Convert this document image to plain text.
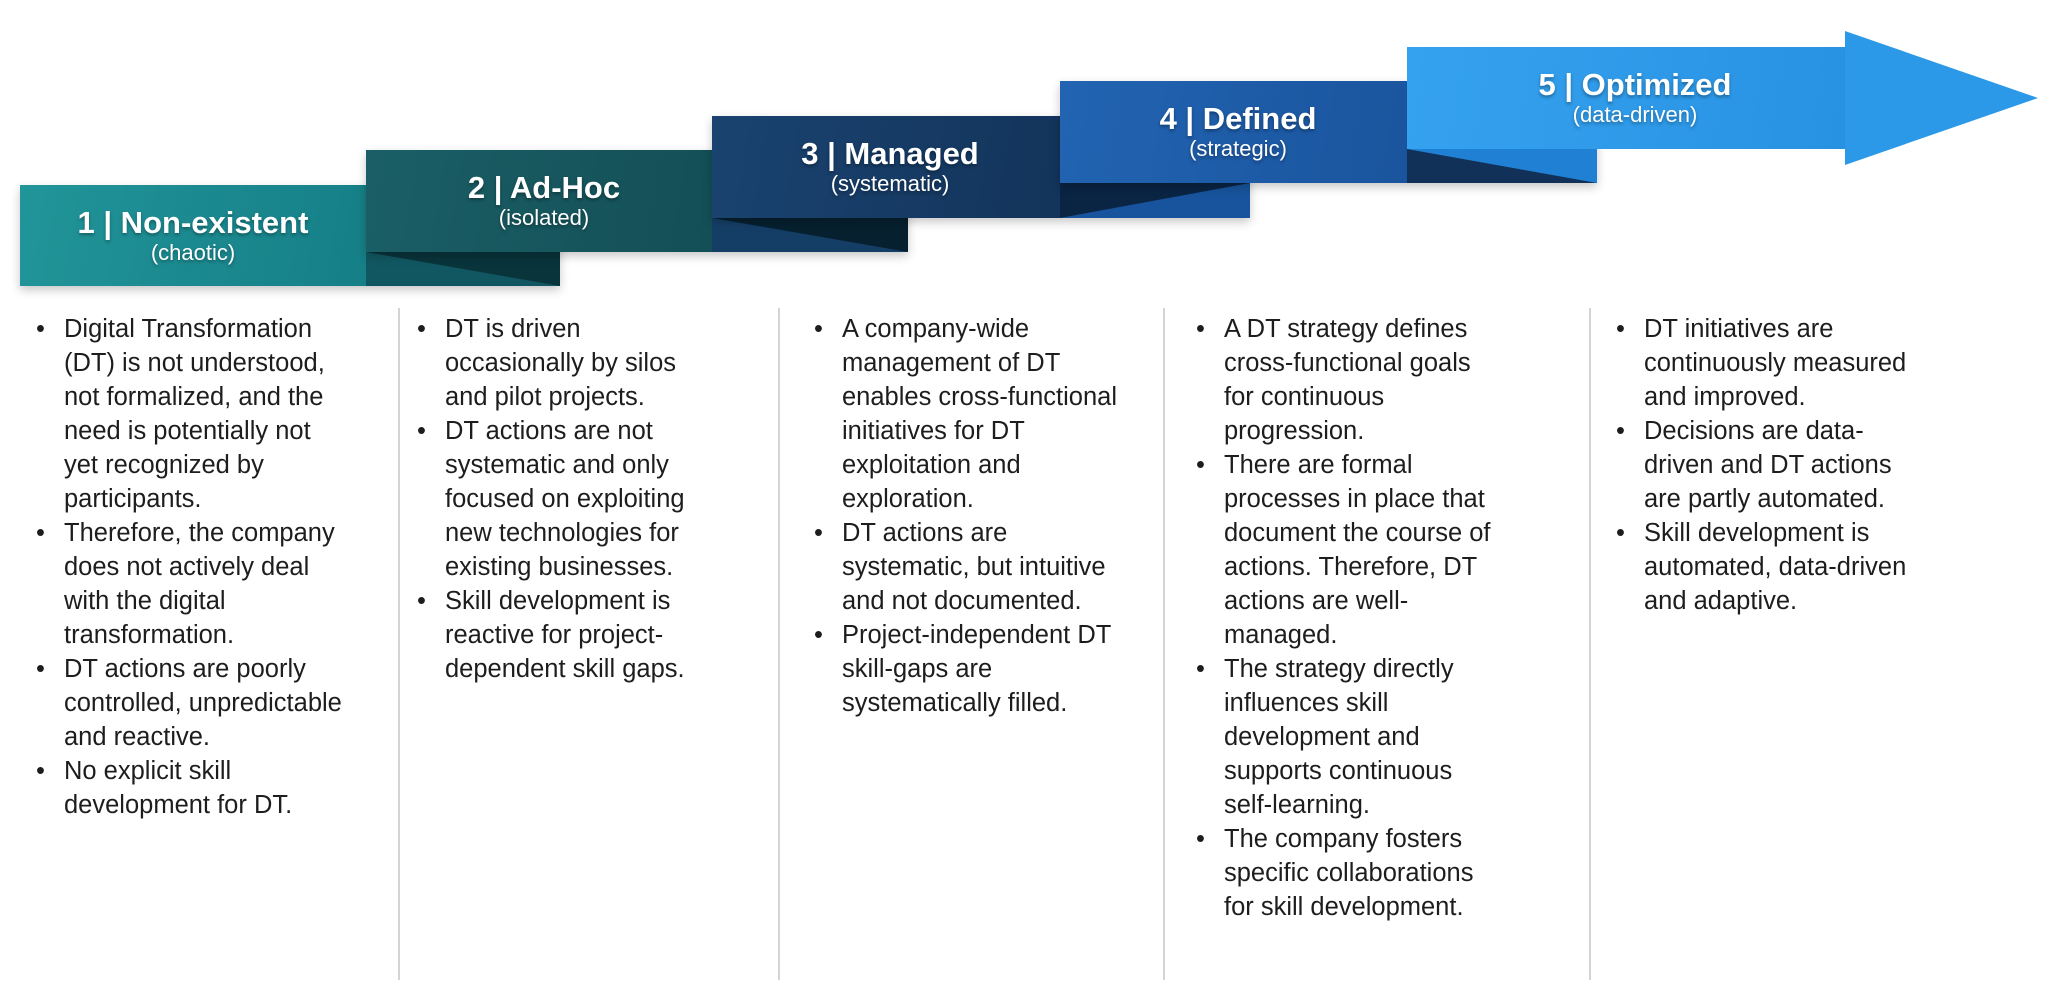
1 | Non-existent
(chaotic)
2 | Ad-Hoc
(isolated)
3 | Managed
(systematic)
4 | Defined
(strategic)
5 | Optimized
(data-driven)
• Digital Transformation (DT) is not understood, not formalized, and the need is potentially not yet recognized by participants.
• Therefore, the company does not actively deal with the digital transformation.
• DT actions are poorly controlled, unpredictable and reactive.
• No explicit skill development for DT.
• DT is driven occasionally by silos and pilot projects.
• DT actions are not systematic and only focused on exploiting new technologies for existing businesses.
• Skill development is reactive for project-dependent skill gaps.
• A company-wide management of DT enables cross-functional initiatives for DT exploitation and exploration.
• DT actions are systematic, but intuitive and not documented.
• Project-independent DT skill-gaps are systematically filled.
• A DT strategy defines cross-functional goals for continuous progression.
• There are formal processes in place that document the course of actions. Therefore, DT actions are well-managed.
• The strategy directly influences skill development and supports continuous self-learning.
• The company fosters specific collaborations for skill development.
• DT initiatives are continuously measured and improved.
• Decisions are data-driven and DT actions are partly automated.
• Skill development is automated, data-driven and adaptive.
